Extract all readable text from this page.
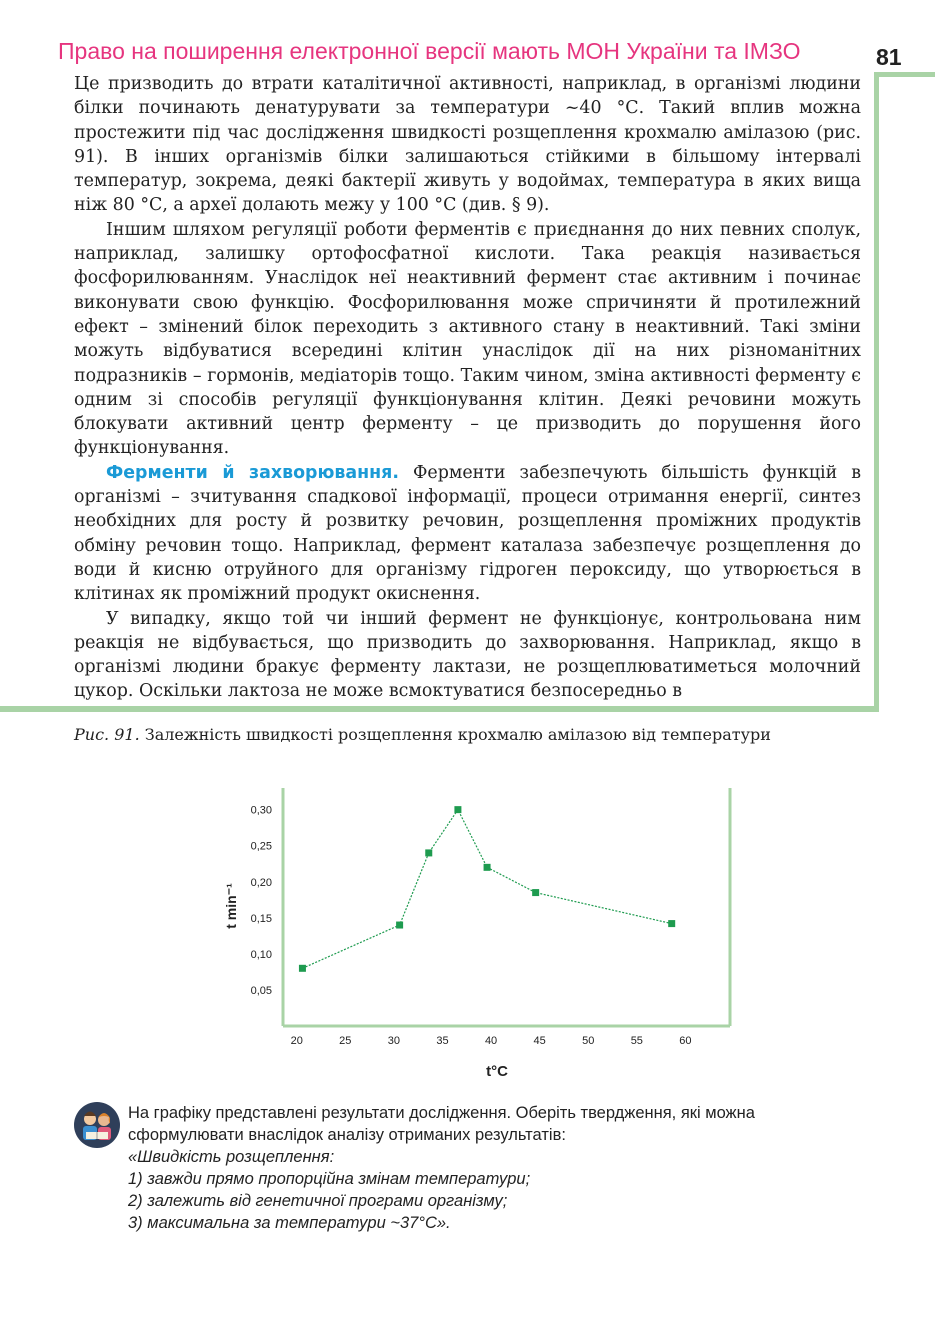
Право на поширення електронної версії мають МОН України та ІМЗО	81

Це призводить до втрати каталітичної активності, наприклад, в організмі людини білки починають денатурувати за температури ~40 °С. Такий вплив можна простежити під час дослідження швидкості розщеплення крохмалю амілазою (рис. 91). В інших організмів білки залишаються стійкими в більшому інтервалі температур, зокрема, деякі бактерії живуть у водоймах, температура в яких вища ніж 80 °С, а археї долають межу у 100 °С (див. § 9).

Іншим шляхом регуляції роботи ферментів є приєднання до них певних сполук, наприклад, залишку ортофосфатної кислоти. Така реакція називається фосфорилюванням. Унаслідок неї неактивний фермент стає активним і починає виконувати свою функцію. Фосфорилювання може спричиняти й протилежний ефект – змінений білок переходить з активного стану в неактивний. Такі зміни можуть відбуватися всередині клітин унаслідок дії на них різноманітних подразників – гормонів, медіаторів тощо. Таким чином, зміна активності ферменту є одним зі способів регуляції функціонування клітин. Деякі речовини можуть блокувати активний центр ферменту – це призводить до порушення його функціонування.

Ферменти й захворювання. Ферменти забезпечують більшість функцій в організмі – зчитування спадкової інформації, процеси отримання енергії, синтез необхідних для росту й розвитку речовин, розщеплення проміжних продуктів обміну речовин тощо. Наприклад, фермент каталаза забезпечує розщеплення до води й кисню отруйного для організму гідроген пероксиду, що утворюється в клітинах як проміжний продукт окиснення.

У випадку, якщо той чи інший фермент не функціонує, контрольована ним реакція не відбувається, що призводить до захворювання. Наприклад, якщо в організмі людини бракує ферменту лактази, не розщеплюватиметься молочний цукор. Оскільки лактоза не може всмоктуватися безпосередньо в

Рис. 91. Залежність швидкості розщеплення крохмалю амілазою від температури
0,05
0,10
0,15
0,20
0,25
0,30
20	25	30	35	40	45	50	55	60
t min⁻¹
t°C
На графіку представлені результати дослідження. Оберіть твердження, які можна
сформулювати внаслідок аналізу отриманих результатів:
«Швидкість розщеплення:
1) завжди прямо пропорційна змінам температури;
2) залежить від генетичної програми організму;
3) максимальна за температури ~37°С».
